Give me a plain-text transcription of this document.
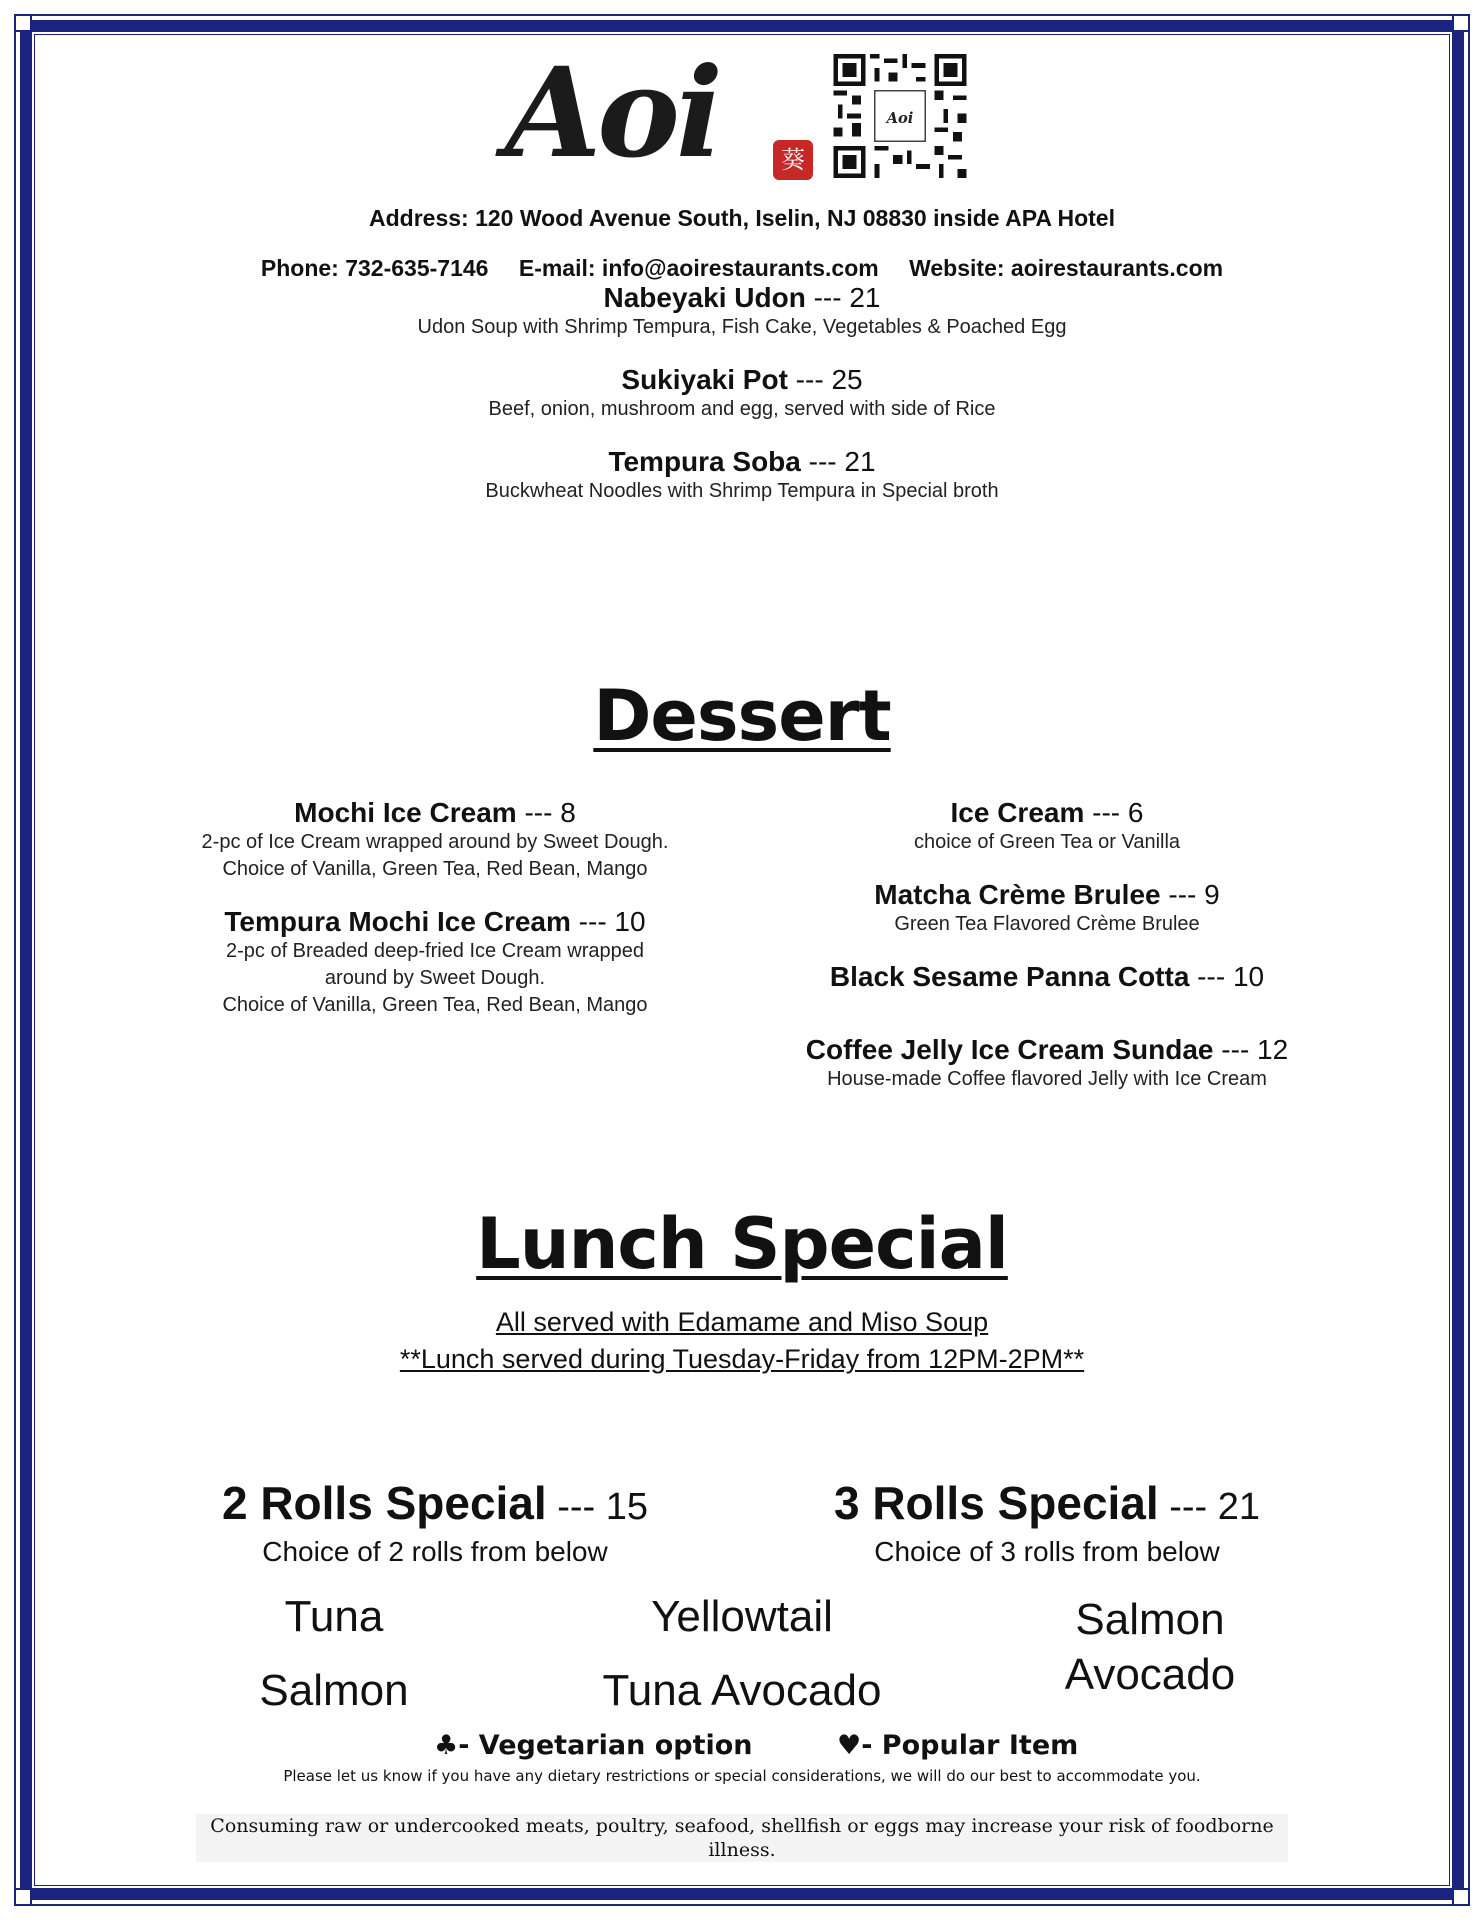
Aoi	葵
Aoi
Address: 120 Wood Avenue South, Iselin, NJ 08830 inside APA Hotel
Phone: 732-635-7146 E-mail: info@aoirestaurants.com Website: aoirestaurants.com
Nabeyaki Udon --- 21
Udon Soup with Shrimp Tempura, Fish Cake, Vegetables & Poached Egg
Sukiyaki Pot --- 25
Beef, onion, mushroom and egg, served with side of Rice
Tempura Soba --- 21
Buckwheat Noodles with Shrimp Tempura in Special broth
Dessert
Mochi Ice Cream --- 8
2-pc of Ice Cream wrapped around by Sweet Dough.
Choice of Vanilla, Green Tea, Red Bean, Mango
Tempura Mochi Ice Cream --- 10
2-pc of Breaded deep-fried Ice Cream wrapped
around by Sweet Dough.
Choice of Vanilla, Green Tea, Red Bean, Mango
Ice Cream --- 6
choice of Green Tea or Vanilla
Matcha Crème Brulee --- 9
Green Tea Flavored Crème Brulee
Black Sesame Panna Cotta --- 10
Coffee Jelly Ice Cream Sundae --- 12
House-made Coffee flavored Jelly with Ice Cream
Lunch Special
All served with Edamame and Miso Soup
**Lunch served during Tuesday-Friday from 12PM-2PM**
2 Rolls Special --- 15
Choice of 2 rolls from below
3 Rolls Special --- 21
Choice of 3 rolls from below
Tuna	Yellowtail	Salmon Avocado
Salmon	Tuna Avocado
♣- Vegetarian option	♥- Popular Item
Please let us know if you have any dietary restrictions or special considerations, we will do our best to accommodate you.
Consuming raw or undercooked meats, poultry, seafood, shellfish or eggs may increase your risk of foodborne illness.
